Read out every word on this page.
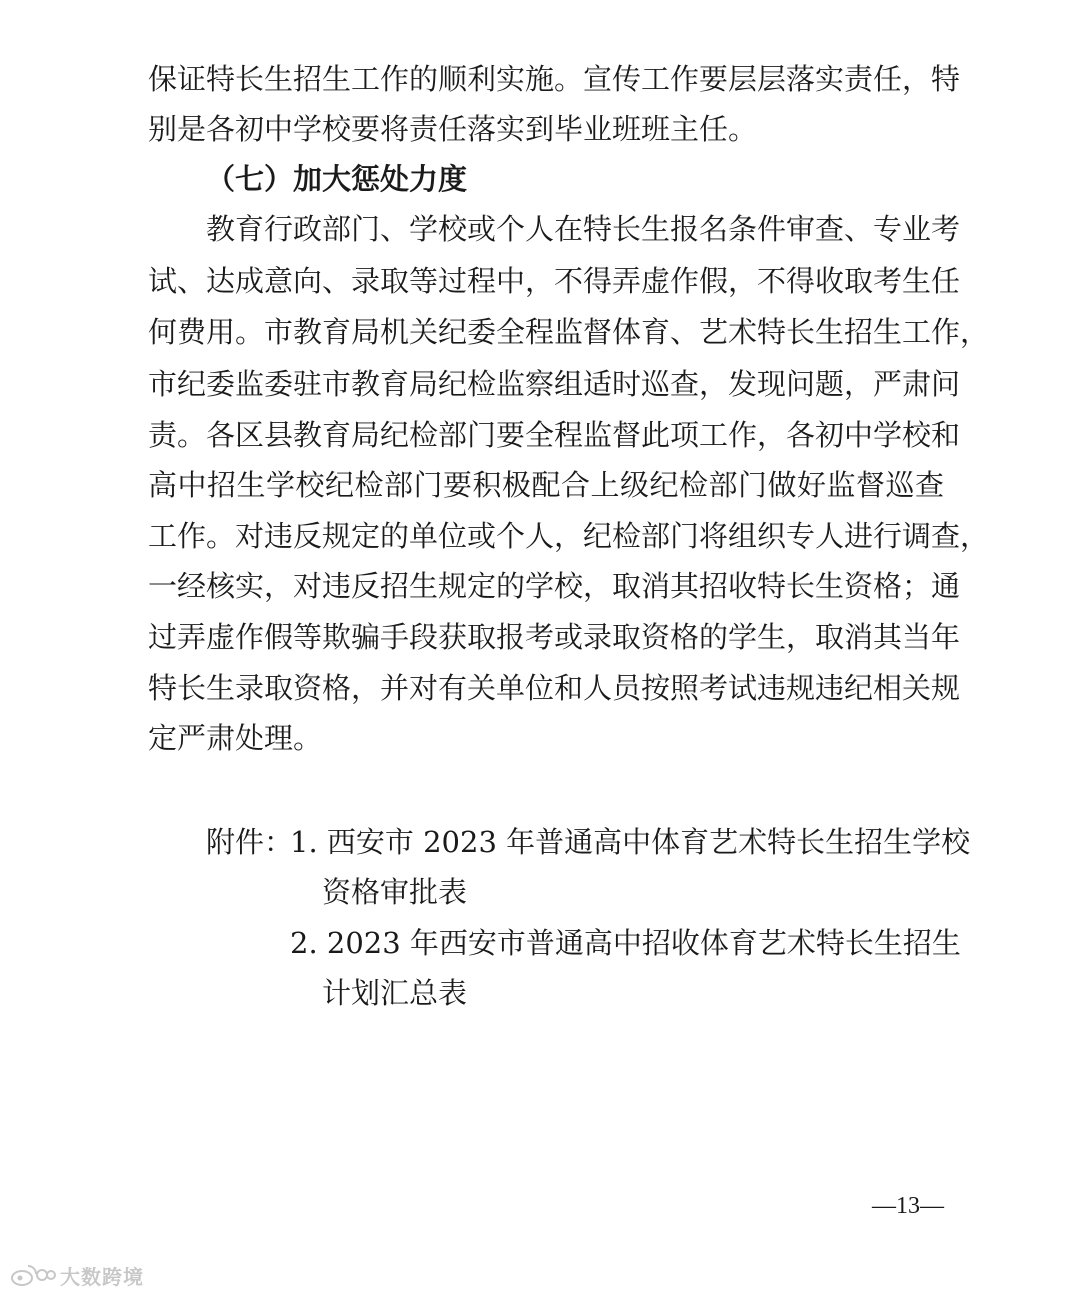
保证特长生招生工作的顺利实施。宣传工作要层层落实责任，特
别是各初中学校要将责任落实到毕业班班主任。
（七）加大惩处力度
教育行政部门、学校或个人在特长生报名条件审查、专业考
试、达成意向、录取等过程中，不得弄虚作假，不得收取考生任
何费用。市教育局机关纪委全程监督体育、艺术特长生招生工作，
市纪委监委驻市教育局纪检监察组适时巡查，发现问题，严肃问
责。各区县教育局纪检部门要全程监督此项工作，各初中学校和
高中招生学校纪检部门要积极配合上级纪检部门做好监督巡查
工作。对违反规定的单位或个人，纪检部门将组织专人进行调查，
一经核实，对违反招生规定的学校，取消其招收特长生资格；通
过弄虚作假等欺骗手段获取报考或录取资格的学生，取消其当年
特长生录取资格，并对有关单位和人员按照考试违规违纪相关规
定严肃处理。
附件：
1. 西安市 2023 年普通高中体育艺术特长生招生学校
资格审批表
2. 2023 年西安市普通高中招收体育艺术特长生招生
计划汇总表
—13—
大数跨境
